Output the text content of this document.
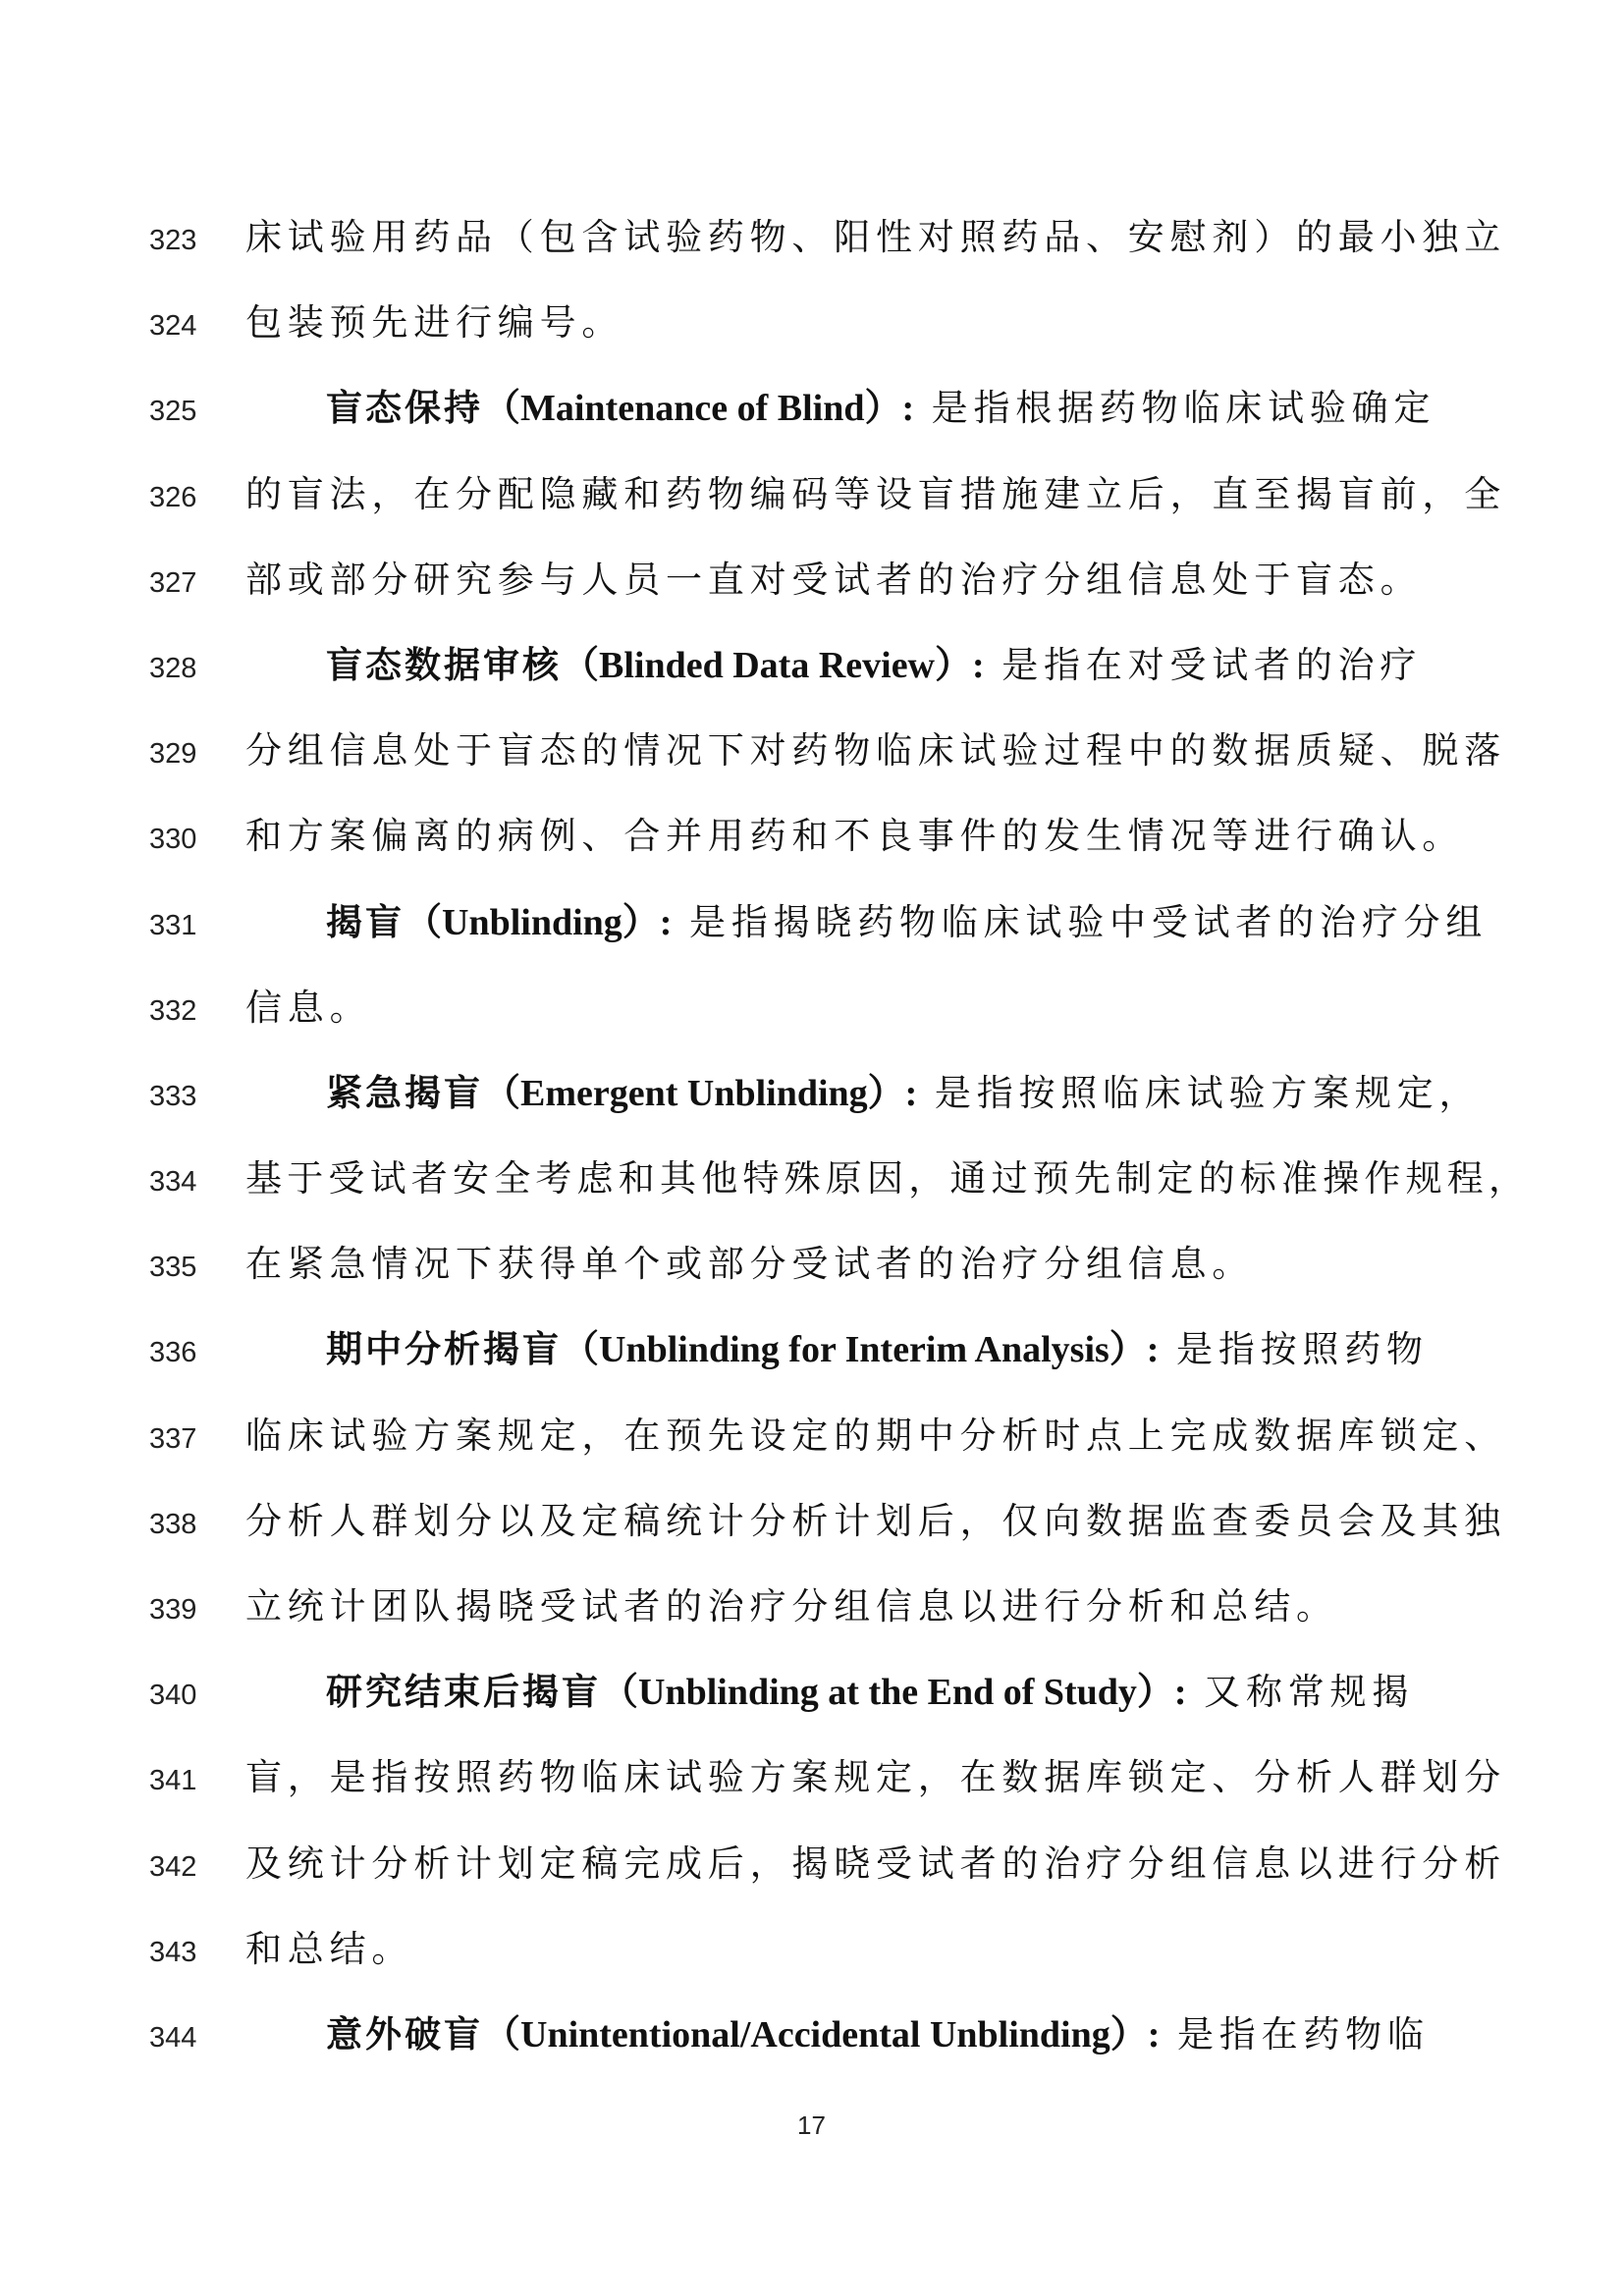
323	床试验用药品（包含试验药物、阳性对照药品、安慰剂）的最小独立
324	包装预先进行编号。
325	盲态保持（Maintenance of Blind）: 是指根据药物临床试验确定
326	的盲法，在分配隐藏和药物编码等设盲措施建立后，直至揭盲前，全
327	部或部分研究参与人员一直对受试者的治疗分组信息处于盲态。
328	盲态数据审核（Blinded Data Review）: 是指在对受试者的治疗
329	分组信息处于盲态的情况下对药物临床试验过程中的数据质疑、脱落
330	和方案偏离的病例、合并用药和不良事件的发生情况等进行确认。
331	揭盲（Unblinding）: 是指揭晓药物临床试验中受试者的治疗分组
332	信息。
333	紧急揭盲（Emergent Unblinding）: 是指按照临床试验方案规定，
334	基于受试者安全考虑和其他特殊原因，通过预先制定的标准操作规程，
335	在紧急情况下获得单个或部分受试者的治疗分组信息。
336	期中分析揭盲（Unblinding for Interim Analysis）: 是指按照药物
337	临床试验方案规定，在预先设定的期中分析时点上完成数据库锁定、
338	分析人群划分以及定稿统计分析计划后，仅向数据监查委员会及其独
339	立统计团队揭晓受试者的治疗分组信息以进行分析和总结。
340	研究结束后揭盲（Unblinding at the End of Study）: 又称常规揭
341	盲，是指按照药物临床试验方案规定，在数据库锁定、分析人群划分
342	及统计分析计划定稿完成后，揭晓受试者的治疗分组信息以进行分析
343	和总结。
344	意外破盲（Unintentional/Accidental Unblinding）: 是指在药物临
17
